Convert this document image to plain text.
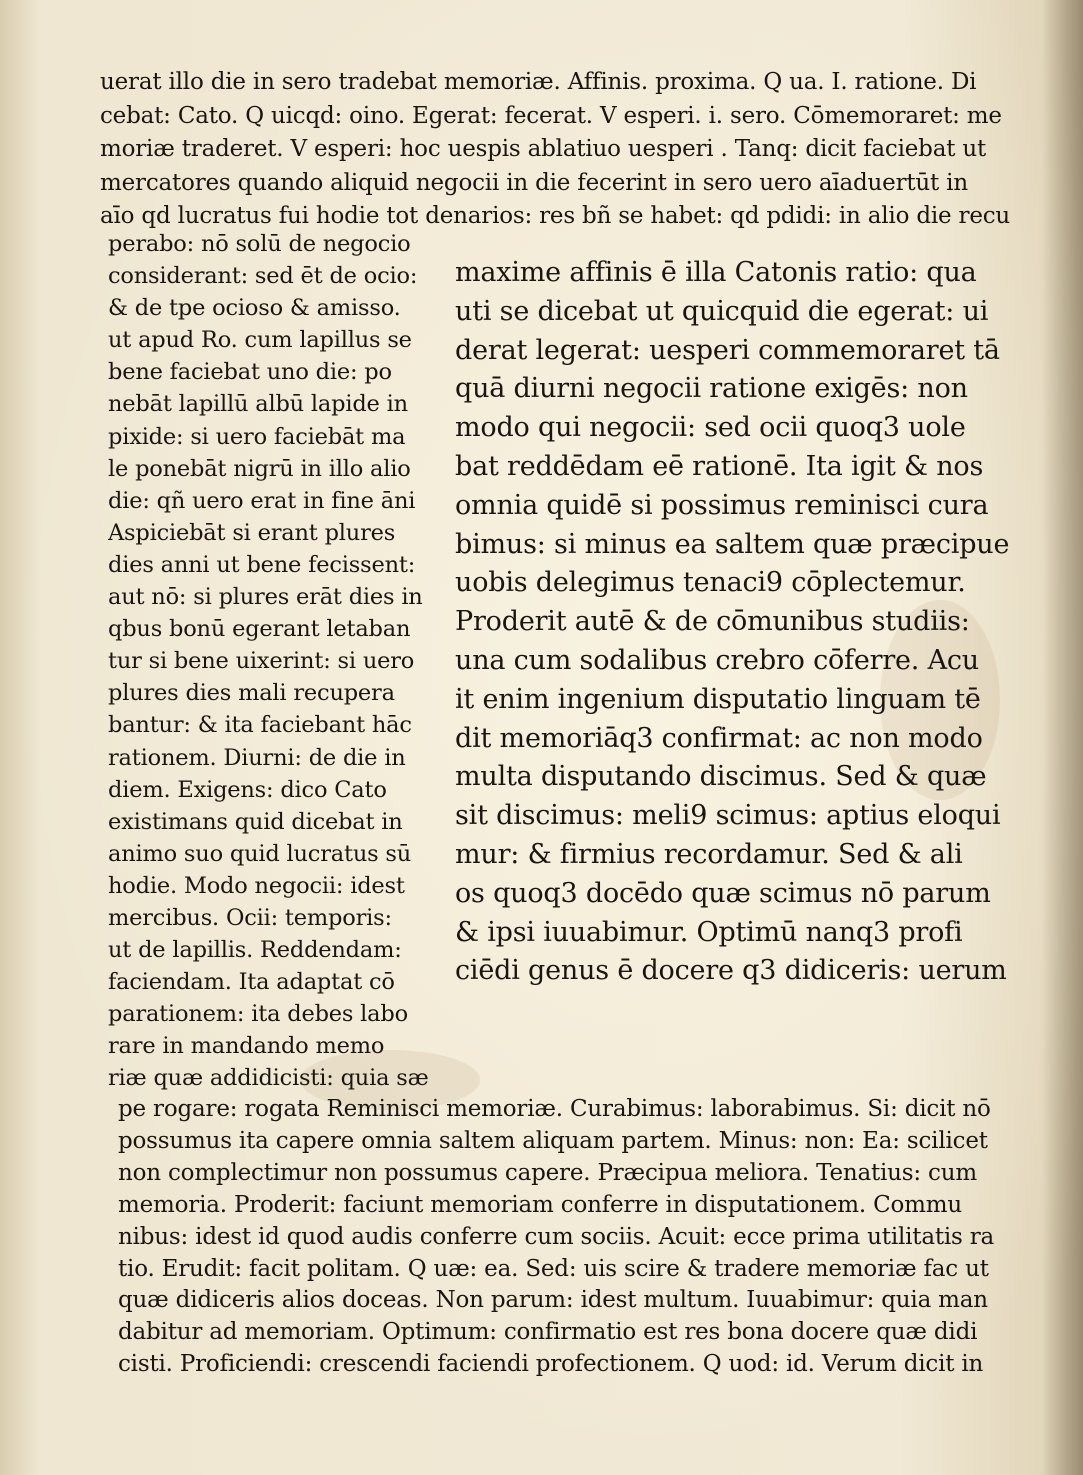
uerat illo die in sero tradebat memoriæ. Affinis. proxima. Q ua. I. ratione. Di
cebat: Cato. Q uicqd: oino. Egerat: fecerat. V esperi. i. sero. Cōmemoraret: me
moriæ traderet. V esperi: hoc uespis ablatiuo uesperi . Tanq: dicit faciebat ut
mercatores quando aliquid negocii in die fecerint in sero uero aīaduertūt in
aīo qd lucratus fui hodie tot denarios: res bñ se habet: qd pdidi: in alio die recu
perabo: nō solū de negocio
considerant: sed ēt de ocio:
& de tpe ocioso & amisso.
ut apud Ro. cum lapillus se
bene faciebat uno die: po
nebāt lapillū albū lapide in
pixide: si uero faciebāt ma
le ponebāt nigrū in illo alio
die: qñ uero erat in fine āni
Aspiciebāt si erant plures
dies anni ut bene fecissent:
aut nō: si plures erāt dies in
qbus bonū egerant letaban
tur si bene uixerint: si uero
plures dies mali recupera
bantur: & ita faciebant hāc
rationem. Diurni: de die in
diem. Exigens: dico Cato
existimans quid dicebat in
animo suo quid lucratus sū
hodie. Modo negocii: idest
mercibus. Ocii: temporis:
ut de lapillis. Reddendam:
faciendam. Ita adaptat cō
parationem: ita debes labo
rare in mandando memo
riæ quæ addidicisti: quia sæ
maxime affinis ē illa Catonis ratio: qua
uti se dicebat ut quicquid die egerat: ui
derat legerat: uesperi commemoraret tā
quā diurni negocii ratione exigēs: non
modo qui negocii: sed ocii quoq3 uole
bat reddēdam eē rationē. Ita igit & nos
omnia quidē si possimus reminisci cura
bimus: si minus ea saltem quæ præcipue
uobis delegimus tenaci9 cōplectemur.
Proderit autē & de cōmunibus studiis:
una cum sodalibus crebro cōferre. Acu
it enim ingenium disputatio linguam tē
dit memoriāq3 confirmat: ac non modo
multa disputando discimus. Sed & quæ
sit discimus: meli9 scimus: aptius eloqui
mur: & firmius recordamur. Sed & ali
os quoq3 docēdo quæ scimus nō parum
& ipsi iuuabimur. Optimū nanq3 profi
ciēdi genus ē docere q3 didiceris: uerum
pe rogare: rogata Reminisci memoriæ. Curabimus: laborabimus. Si: dicit nō
possumus ita capere omnia saltem aliquam partem. Minus: non: Ea: scilicet
non complectimur non possumus capere. Præcipua meliora. Tenatius: cum
memoria. Proderit: faciunt memoriam conferre in disputationem. Commu
nibus: idest id quod audis conferre cum sociis. Acuit: ecce prima utilitatis ra
tio. Erudit: facit politam. Q uæ: ea. Sed: uis scire & tradere memoriæ fac ut
quæ didiceris alios doceas. Non parum: idest multum. Iuuabimur: quia man
dabitur ad memoriam. Optimum: confirmatio est res bona docere quæ didi
cisti. Proficiendi: crescendi faciendi profectionem. Q uod: id. Verum dicit in
